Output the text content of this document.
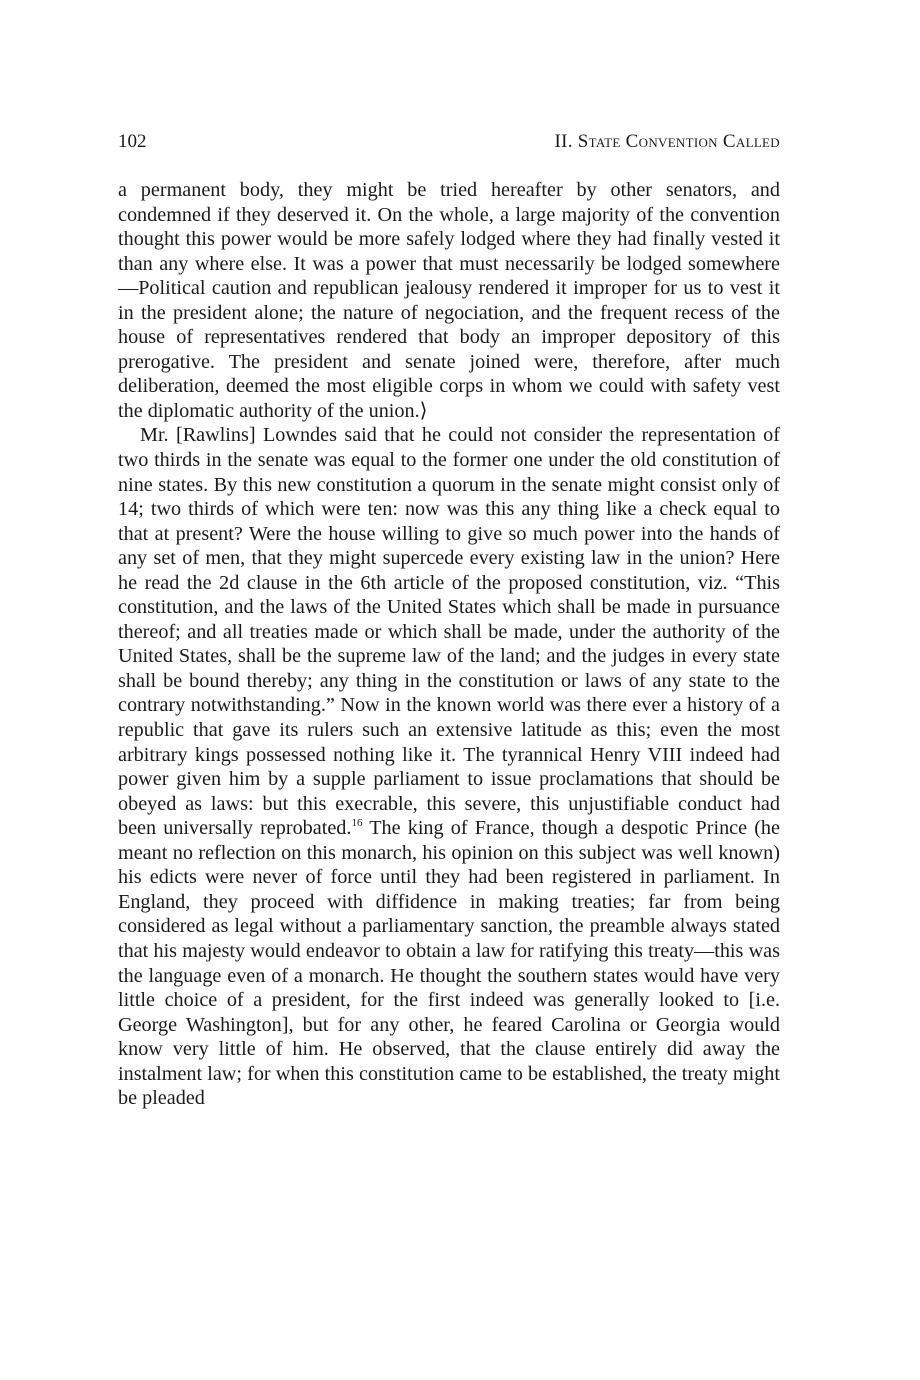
102	II. State Convention Called

a permanent body, they might be tried hereafter by other senators, and condemned if they deserved it. On the whole, a large majority of the convention thought this power would be more safely lodged where they had finally vested it than any where else. It was a power that must necessarily be lodged somewhere—Political caution and republican jealousy rendered it improper for us to vest it in the president alone; the nature of negociation, and the frequent recess of the house of representatives rendered that body an improper depository of this prerogative. The president and senate joined were, therefore, after much deliberation, deemed the most eligible corps in whom we could with safety vest the diplomatic authority of the union.⟩

Mr. [Rawlins] Lowndes said that he could not consider the representation of two thirds in the senate was equal to the former one under the old constitution of nine states. By this new constitution a quorum in the senate might consist only of 14; two thirds of which were ten: now was this any thing like a check equal to that at present? Were the house willing to give so much power into the hands of any set of men, that they might supercede every existing law in the union? Here he read the 2d clause in the 6th article of the proposed constitution, viz. “This constitution, and the laws of the United States which shall be made in pursuance thereof; and all treaties made or which shall be made, under the authority of the United States, shall be the supreme law of the land; and the judges in every state shall be bound thereby; any thing in the constitution or laws of any state to the contrary notwithstanding.” Now in the known world was there ever a history of a republic that gave its rulers such an extensive latitude as this; even the most arbitrary kings possessed nothing like it. The tyrannical Henry VIII indeed had power given him by a supple parliament to issue proclamations that should be obeyed as laws: but this execrable, this severe, this unjustifiable conduct had been universally reprobated.$^{16}$ The king of France, though a despotic Prince (he meant no reflection on this monarch, his opinion on this subject was well known) his edicts were never of force until they had been registered in parliament. In England, they proceed with diffidence in making treaties; far from being considered as legal without a parliamentary sanction, the preamble always stated that his majesty would endeavor to obtain a law for ratifying this treaty—this was the language even of a monarch. He thought the southern states would have very little choice of a president, for the first indeed was generally looked to [i.e. George Washington], but for any other, he feared Carolina or Georgia would know very little of him. He observed, that the clause entirely did away the instalment law; for when this constitution came to be established, the treaty might be pleaded
